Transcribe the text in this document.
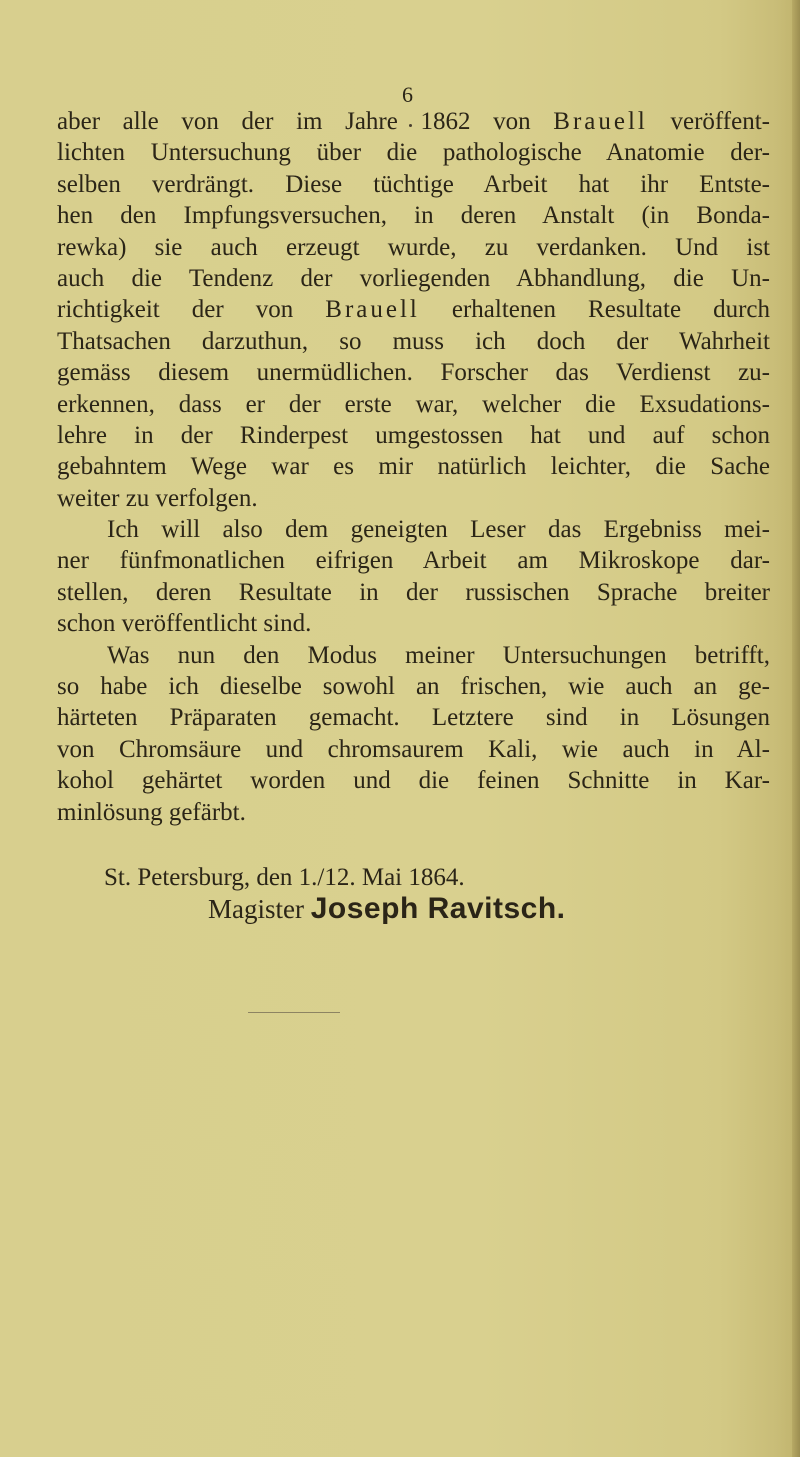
6
aber alle von der im Jahre 1862 von Brauell veröffent-
lichten Untersuchung über die pathologische Anatomie der-
selben verdrängt. Diese tüchtige Arbeit hat ihr Entste-
hen den Impfungsversuchen, in deren Anstalt (in Bonda-
rewka) sie auch erzeugt wurde, zu verdanken. Und ist
auch die Tendenz der vorliegenden Abhandlung, die Un-
richtigkeit der von Brauell erhaltenen Resultate durch
Thatsachen darzuthun, so muss ich doch der Wahrheit
gemäss diesem unermüdlichen. Forscher das Verdienst zu-
erkennen, dass er der erste war, welcher die Exsudations-
lehre in der Rinderpest umgestossen hat und auf schon
gebahntem Wege war es mir natürlich leichter, die Sache
weiter zu verfolgen.
Ich will also dem geneigten Leser das Ergebniss mei-
ner fünfmonatlichen eifrigen Arbeit am Mikroskope dar-
stellen, deren Resultate in der russischen Sprache breiter
schon veröffentlicht sind.
Was nun den Modus meiner Untersuchungen betrifft,
so habe ich dieselbe sowohl an frischen, wie auch an ge-
härteten Präparaten gemacht. Letztere sind in Lösungen
von Chromsäure und chromsaurem Kali, wie auch in Al-
kohol gehärtet worden und die feinen Schnitte in Kar-
minlösung gefärbt.
St. Petersburg, den 1./12. Mai 1864.
Magister Joseph Ravitsch.
